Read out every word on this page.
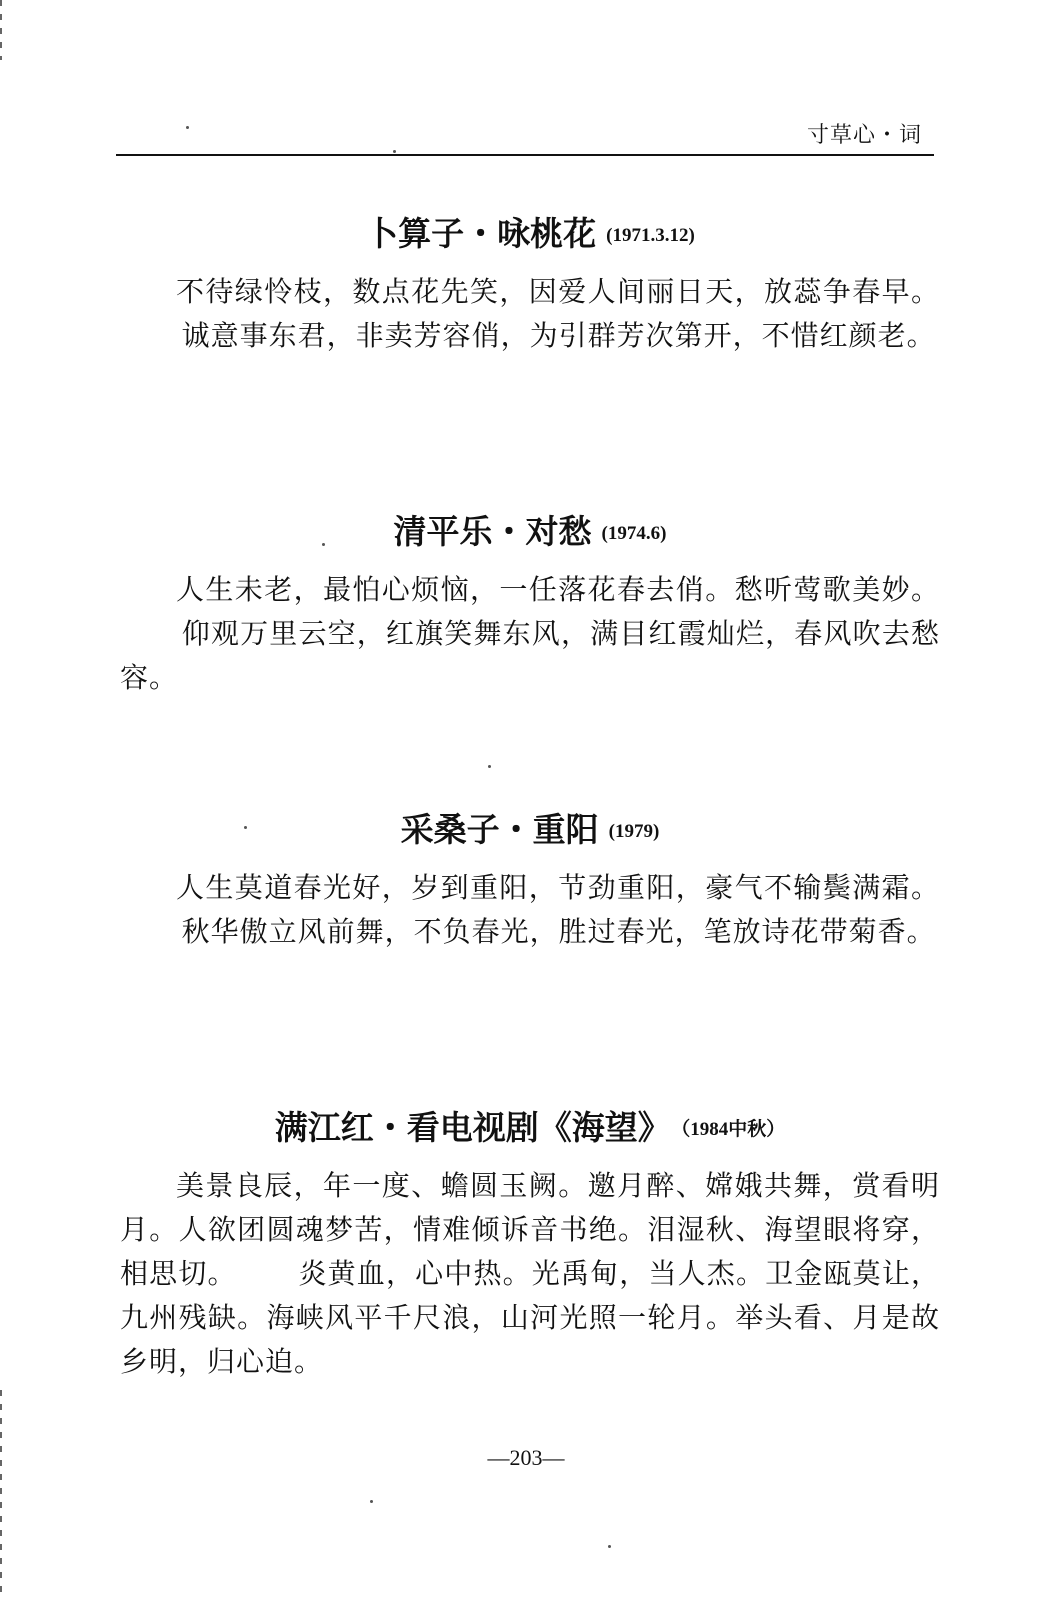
寸草心・词
卜算子・咏桃花 (1971.3.12)
不待绿怜枝，数点花先笑，因爱人间丽日天，放蕊争春早。诚意事东君，非卖芳容俏，为引群芳次第开，不惜红颜老。
清平乐・对愁 (1974.6)
人生未老，最怕心烦恼，一任落花春去俏。愁听莺歌美妙。仰观万里云空，红旗笑舞东风，满目红霞灿烂，春风吹去愁容。
采桑子・重阳 (1979)
人生莫道春光好，岁到重阳，节劲重阳，豪气不输鬓满霜。秋华傲立风前舞，不负春光，胜过春光，笔放诗花带菊香。
满江红・看电视剧《海望》 （1984中秋）
美景良辰，年一度、蟾圆玉阙。邀月醉、嫦娥共舞，赏看明月。人欲团圆魂梦苦，情难倾诉音书绝。泪湿秋、海望眼将穿，相思切。 炎黄血，心中热。光禹甸，当人杰。卫金瓯莫让，九州残缺。海峡风平千尺浪，山河光照一轮月。举头看、月是故乡明，归心迫。
—203—
